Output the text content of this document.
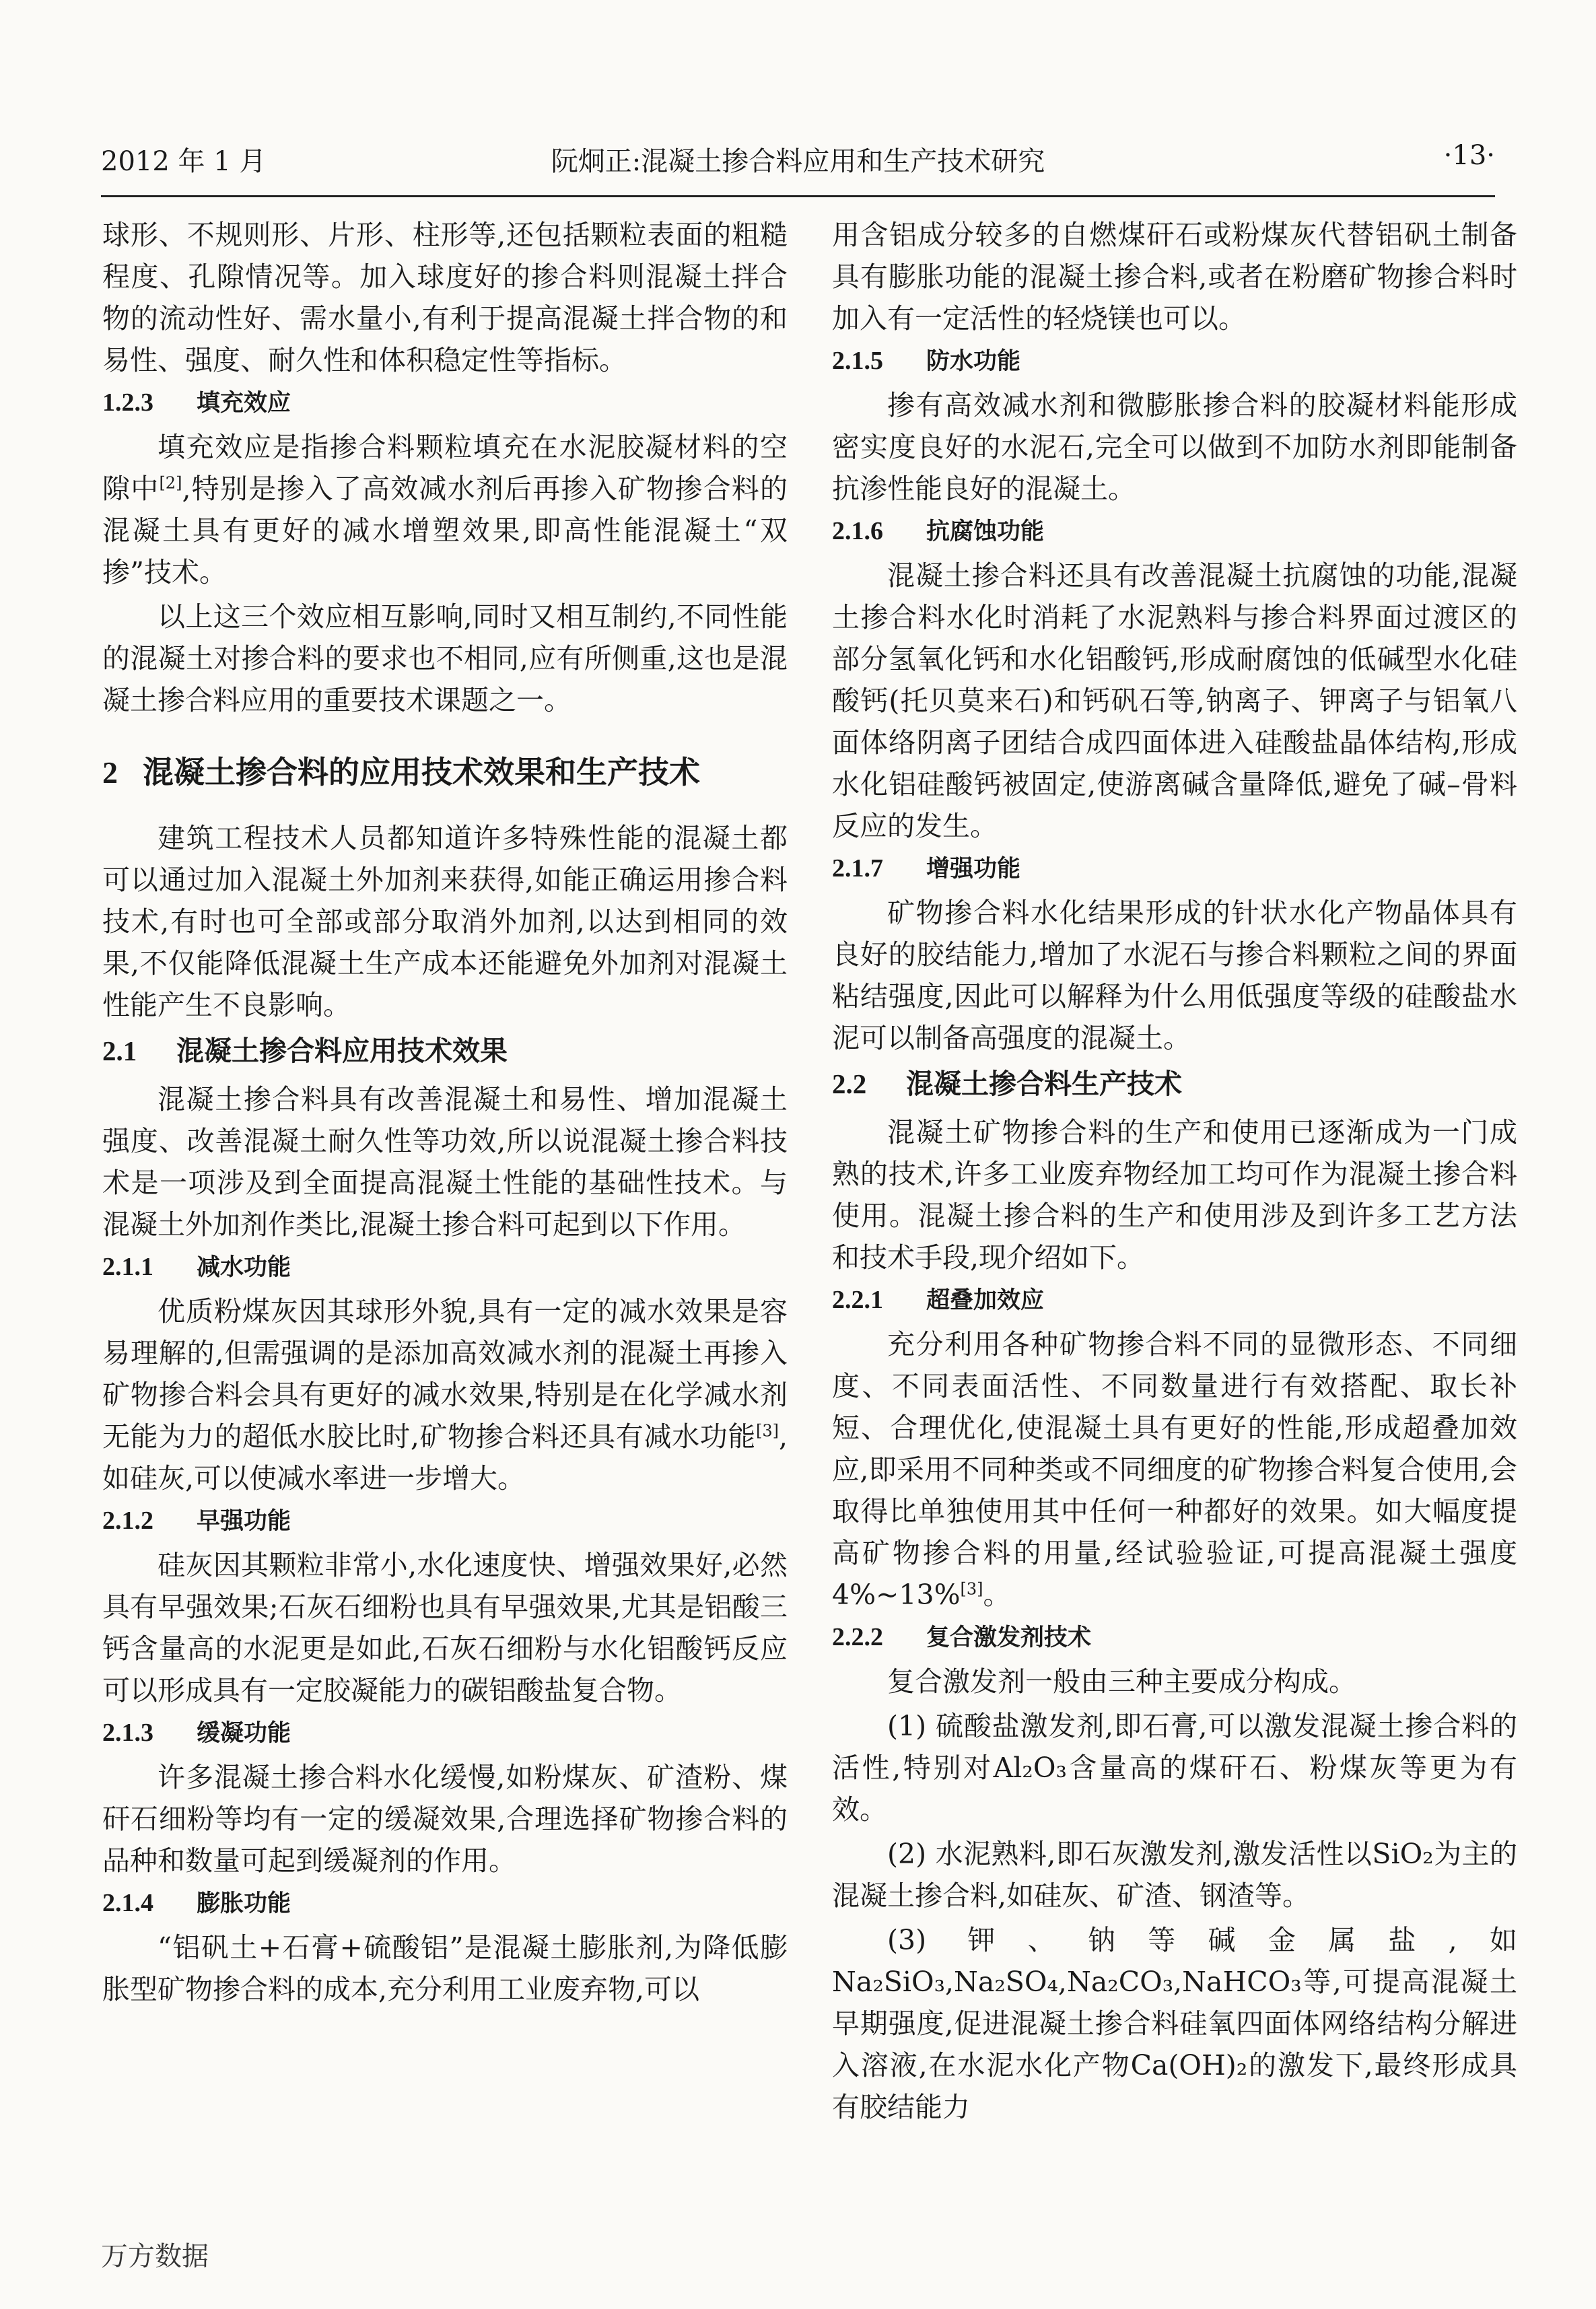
2012 年 1 月	阮炯正:混凝土掺合料应用和生产技术研究	·13·

球形、不规则形、片形、柱形等,还包括颗粒表面的粗糙程度、孔隙情况等。加入球度好的掺合料则混凝土拌合物的流动性好、需水量小,有利于提高混凝土拌合物的和易性、强度、耐久性和体积稳定性等指标。

1.2.3 填充效应

填充效应是指掺合料颗粒填充在水泥胶凝材料的空隙中[2],特别是掺入了高效减水剂后再掺入矿物掺合料的混凝土具有更好的减水增塑效果,即高性能混凝土“双掺”技术。

以上这三个效应相互影响,同时又相互制约,不同性能的混凝土对掺合料的要求也不相同,应有所侧重,这也是混凝土掺合料应用的重要技术课题之一。

2 混凝土掺合料的应用技术效果和生产技术

建筑工程技术人员都知道许多特殊性能的混凝土都可以通过加入混凝土外加剂来获得,如能正确运用掺合料技术,有时也可全部或部分取消外加剂,以达到相同的效果,不仅能降低混凝土生产成本还能避免外加剂对混凝土性能产生不良影响。

2.1 混凝土掺合料应用技术效果

混凝土掺合料具有改善混凝土和易性、增加混凝土强度、改善混凝土耐久性等功效,所以说混凝土掺合料技术是一项涉及到全面提高混凝土性能的基础性技术。与混凝土外加剂作类比,混凝土掺合料可起到以下作用。

2.1.1 减水功能

优质粉煤灰因其球形外貌,具有一定的减水效果是容易理解的,但需强调的是添加高效减水剂的混凝土再掺入矿物掺合料会具有更好的减水效果,特别是在化学减水剂无能为力的超低水胶比时,矿物掺合料还具有减水功能[3],如硅灰,可以使减水率进一步增大。

2.1.2 早强功能

硅灰因其颗粒非常小,水化速度快、增强效果好,必然具有早强效果;石灰石细粉也具有早强效果,尤其是铝酸三钙含量高的水泥更是如此,石灰石细粉与水化铝酸钙反应可以形成具有一定胶凝能力的碳铝酸盐复合物。

2.1.3 缓凝功能

许多混凝土掺合料水化缓慢,如粉煤灰、矿渣粉、煤矸石细粉等均有一定的缓凝效果,合理选择矿物掺合料的品种和数量可起到缓凝剂的作用。

2.1.4 膨胀功能

“铝矾土+石膏+硫酸铝”是混凝土膨胀剂,为降低膨胀型矿物掺合料的成本,充分利用工业废弃物,可以

用含铝成分较多的自燃煤矸石或粉煤灰代替铝矾土制备具有膨胀功能的混凝土掺合料,或者在粉磨矿物掺合料时加入有一定活性的轻烧镁也可以。

2.1.5 防水功能

掺有高效减水剂和微膨胀掺合料的胶凝材料能形成密实度良好的水泥石,完全可以做到不加防水剂即能制备抗渗性能良好的混凝土。

2.1.6 抗腐蚀功能

混凝土掺合料还具有改善混凝土抗腐蚀的功能,混凝土掺合料水化时消耗了水泥熟料与掺合料界面过渡区的部分氢氧化钙和水化铝酸钙,形成耐腐蚀的低碱型水化硅酸钙(托贝莫来石)和钙矾石等,钠离子、钾离子与铝氧八面体络阴离子团结合成四面体进入硅酸盐晶体结构,形成水化铝硅酸钙被固定,使游离碱含量降低,避免了碱–骨料反应的发生。

2.1.7 增强功能

矿物掺合料水化结果形成的针状水化产物晶体具有良好的胶结能力,增加了水泥石与掺合料颗粒之间的界面粘结强度,因此可以解释为什么用低强度等级的硅酸盐水泥可以制备高强度的混凝土。

2.2 混凝土掺合料生产技术

混凝土矿物掺合料的生产和使用已逐渐成为一门成熟的技术,许多工业废弃物经加工均可作为混凝土掺合料使用。混凝土掺合料的生产和使用涉及到许多工艺方法和技术手段,现介绍如下。

2.2.1 超叠加效应

充分利用各种矿物掺合料不同的显微形态、不同细度、不同表面活性、不同数量进行有效搭配、取长补短、合理优化,使混凝土具有更好的性能,形成超叠加效应,即采用不同种类或不同细度的矿物掺合料复合使用,会取得比单独使用其中任何一种都好的效果。如大幅度提高矿物掺合料的用量,经试验验证,可提高混凝土强度4%~13%[3]。

2.2.2 复合激发剂技术

复合激发剂一般由三种主要成分构成。

(1) 硫酸盐激发剂,即石膏,可以激发混凝土掺合料的活性,特别对Al₂O₃含量高的煤矸石、粉煤灰等更为有效。

(2) 水泥熟料,即石灰激发剂,激发活性以SiO₂为主的混凝土掺合料,如硅灰、矿渣、钢渣等。

(3) 钾、钠等碱金属盐,如Na₂SiO₃,Na₂SO₄,Na₂CO₃,NaHCO₃等,可提高混凝土早期强度,促进混凝土掺合料硅氧四面体网络结构分解进入溶液,在水泥水化产物Ca(OH)₂的激发下,最终形成具有胶结能力

万方数据
